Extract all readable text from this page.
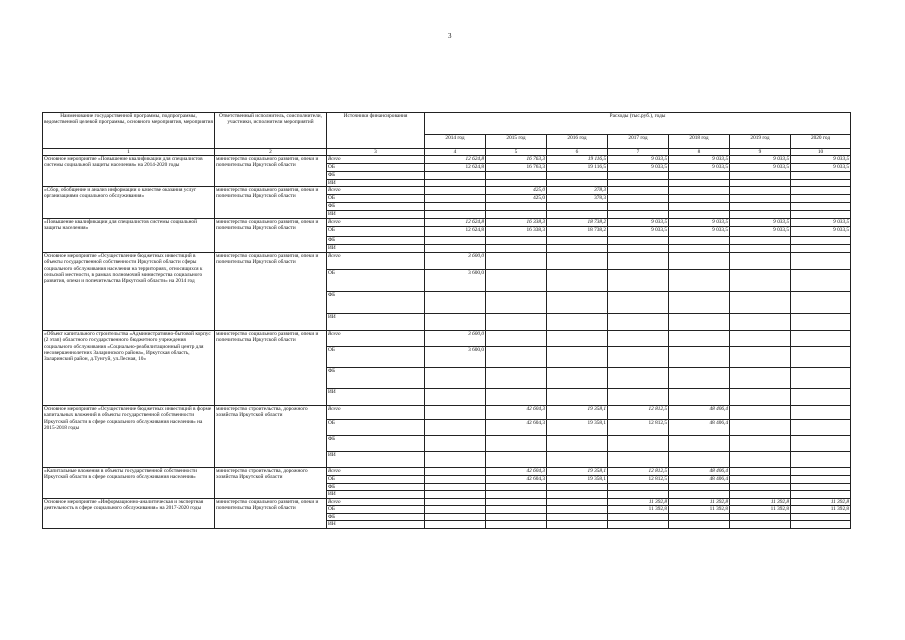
3
Наименование государственной программы, подпрограммы, ведомственной целевой программы, основного мероприятия, мероприятия	Ответственный исполнитель, соисполнители, участники, исполнители мероприятий	Источники финансирования	Расходы (тыс.руб.), годы						
			2014 год	2015 год	2016 год	2017 год	2018 год	2019 год	2020 год
1	2	3	4	5	6	7	8	9	10
Основное мероприятие «Повышение квалификации для специалистов системы социальной защиты населения» на 2014-2020 годы	министерство социального развития, опеки и попечительства Иркутской области	Всего	12 624,8	16 763,3	19 116,5	9 033,5	9 033,5	9 033,5	9 033,5
		ОБ	12 624,8	16 763,3	19 116,5	9 033,5	9 033,5	9 033,5	9 033,5
		ФБ							
		ИИ							
«Сбор, обобщение и анализ информации о качестве оказания услуг организациями социального обслуживания»	министерство социального развития, опеки и попечительства Иркутской области	Всего		425,0	378,3				
		ОБ		425,0	378,3				
		ФБ							
		ИИ							
«Повышение квалификации для специалистов системы социальной защиты населения»	министерство социального развития, опеки и попечительства Иркутской области	Всего	12 624,8	16 338,3	18 738,2	9 033,5	9 033,5	9 033,5	9 033,5
		ОБ	12 624,8	16 338,3	18 738,2	9 033,5	9 033,5	9 033,5	9 033,5
		ФБ							
		ИИ							
Основное мероприятие «Осуществление бюджетных инвестиций в объекты государственной собственности Иркутской области сферы социального обслуживания населения на территориях, относящихся к сельской местности, в рамках полномочий министерства социального развития, опеки и попечительства Иркутской области» на 2014 год	министерство социального развития, опеки и попечительства Иркутской области	Всего	3 600,0						
		ОБ	3 600,0						
		ФБ							
		ИИ							
«Объект капитального строительства «Административно-бытовой корпус (2 этап) областного государственного бюджетного учреждения социального обслуживания «Социально-реабилитационный центр для несовершеннолетних Заларинского района», Иркутская область, Заларинский район, д.Тунгуй, ул.Лесная, 10»	министерство социального развития, опеки и попечительства Иркутской области	Всего	3 600,0						
		ОБ	3 600,0						
		ФБ							
		ИИ							
Основное мероприятие «Осуществление бюджетных инвестиций в форме капитальных вложений в объекты государственной собственности Иркутской области в сфере социального обслуживания населения» на 2015-2018 годы	министерство строительства, дорожного хозяйства Иркутской области	Всего		42 604,3	19 358,1	12 812,5	48 406,4		
		ОБ		42 604,3	19 358,1	12 812,5	48 406,4		
		ФБ							
		ИИ							
«Капитальные вложения в объекты государственной собственности Иркутской области в сфере социального обслуживания населения»	министерство строительства, дорожного хозяйства Иркутской области	Всего		42 604,3	19 358,1	12 812,5	48 406,4		
		ОБ		42 604,3	19 358,1	12 812,5	48 406,4		
		ФБ							
		ИИ							
Основное мероприятие «Информационно-аналитическая и экспертная деятельность в сфере социального обслуживания» на 2017-2020 годы	министерство социального развития, опеки и попечительства Иркутской области	Всего				11 392,8	11 392,8	11 392,8	11 392,8
		ОБ				11 392,8	11 392,8	11 392,8	11 392,8
		ФБ							
		ИН							
